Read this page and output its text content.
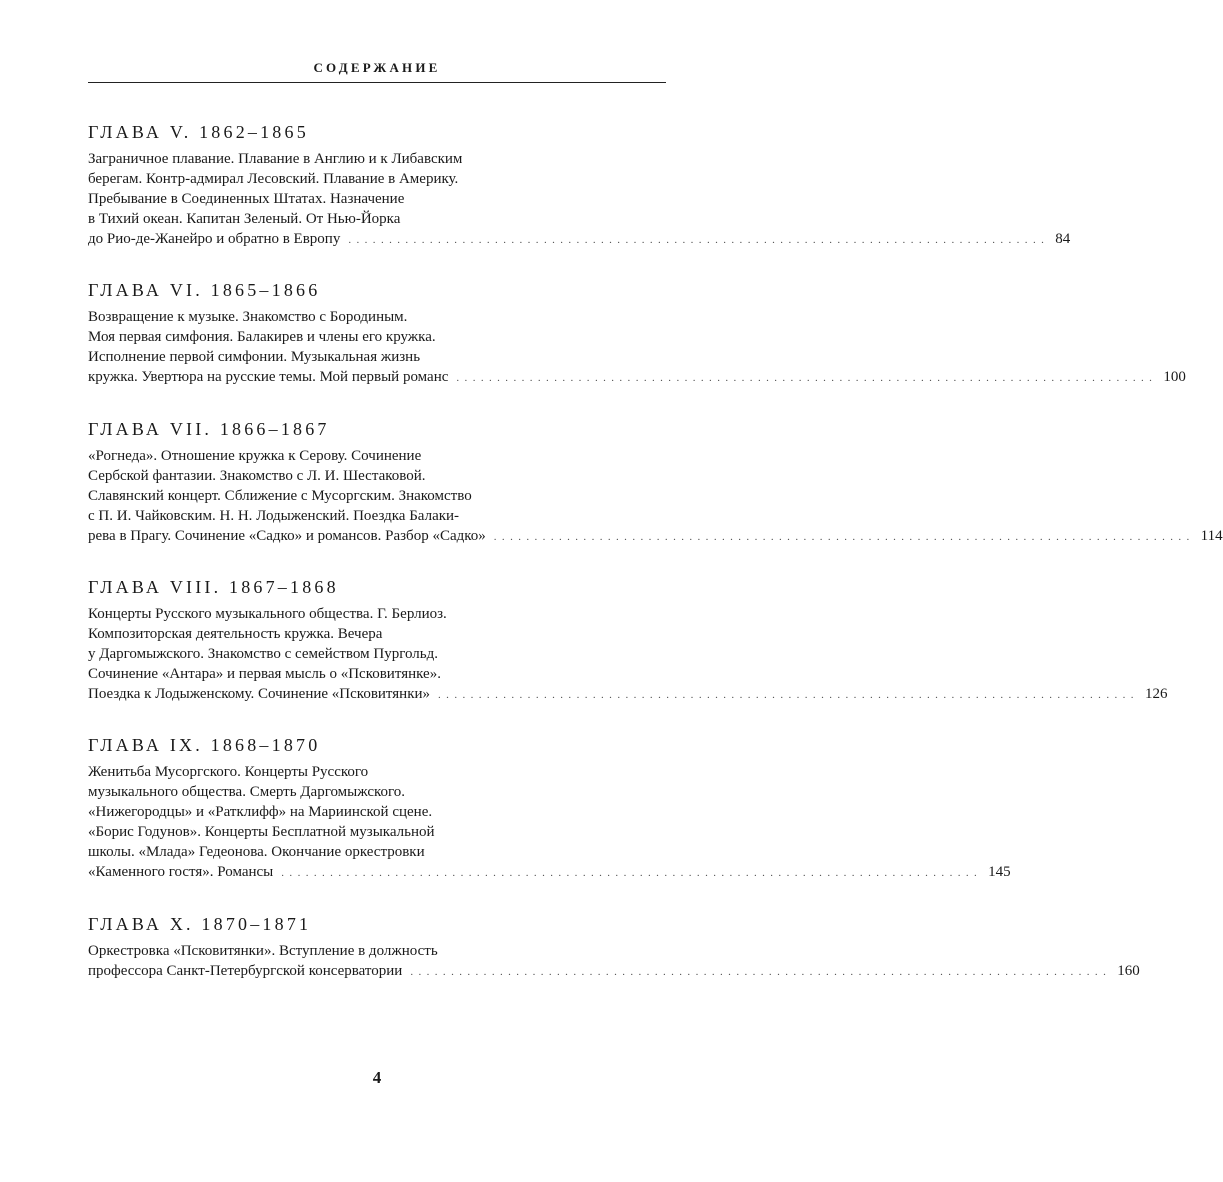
СОДЕРЖАНИЕ
ГЛАВА V. 1862–1865
Заграничное плавание. Плавание в Англию и к Либавским
берегам. Контр-адмирал Лесовский. Плавание в Америку.
Пребывание в Соединенных Штатах. Назначение
в Тихий океан. Капитан Зеленый. От Нью-Йорка
до Рио-де-Жанейро и обратно в Европу ...................................................................................... 84
ГЛАВА VI. 1865–1866
Возвращение к музыке. Знакомство с Бородиным.
Моя первая симфония. Балакирев и члены его кружка.
Исполнение первой симфонии. Музыкальная жизнь
кружка. Увертюра на русские темы. Мой первый романс ...................................................................................... 100
ГЛАВА VII. 1866–1867
«Рогнеда». Отношение кружка к Серову. Сочинение
Сербской фантазии. Знакомство с Л. И. Шестаковой.
Славянский концерт. Сближение с Мусоргским. Знакомство
с П. И. Чайковским. Н. Н. Лодыженский. Поездка Балаки-
рева в Прагу. Сочинение «Садко» и романсов. Разбор «Садко» ...................................................................................... 114
ГЛАВА VIII. 1867–1868
Концерты Русского музыкального общества. Г. Берлиоз.
Композиторская деятельность кружка. Вечера
у Даргомыжского. Знакомство с семейством Пургольд.
Сочинение «Антара» и первая мысль о «Псковитянке».
Поездка к Лодыженскому. Сочинение «Псковитянки» ...................................................................................... 126
ГЛАВА IX. 1868–1870
Женитьба Мусоргского. Концерты Русского
музыкального общества. Смерть Даргомыжского.
«Нижегородцы» и «Ратклифф» на Мариинской сцене.
«Борис Годунов». Концерты Бесплатной музыкальной
школы. «Млада» Гедеонова. Окончание оркестровки
«Каменного гостя». Романсы ...................................................................................... 145
ГЛАВА X. 1870–1871
Оркестровка «Псковитянки». Вступление в должность
профессора Санкт-Петербургской консерватории ...................................................................................... 160
4
